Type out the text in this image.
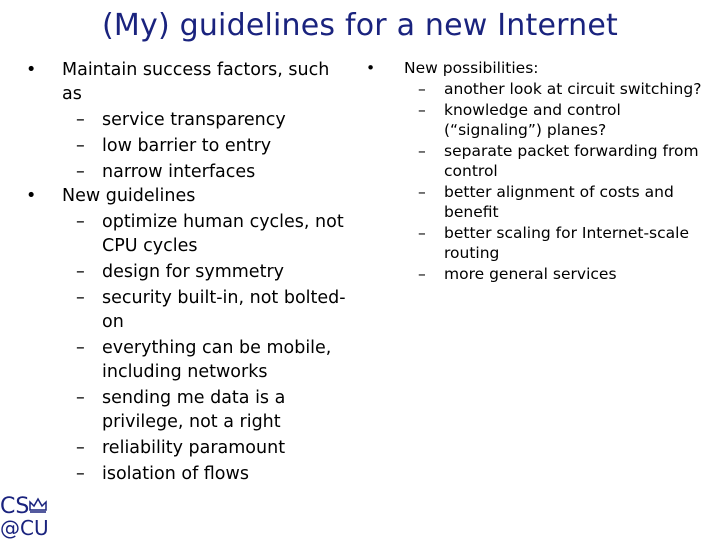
(My) guidelines for a new Internet
• Maintain success factors, such as
– service transparency
– low barrier to entry
– narrow interfaces
• New guidelines
– optimize human cycles, not CPU cycles
– design for symmetry
– security built-in, not bolted-on
– everything can be mobile, including networks
– sending me data is a privilege, not a right
– reliability paramount
– isolation of flows
• New possibilities:
– another look at circuit switching?
– knowledge and control (“signaling”) planes?
– separate packet forwarding from control
– better alignment of costs and benefit
– better scaling for Internet-scale routing
– more general services
CS
@CU
